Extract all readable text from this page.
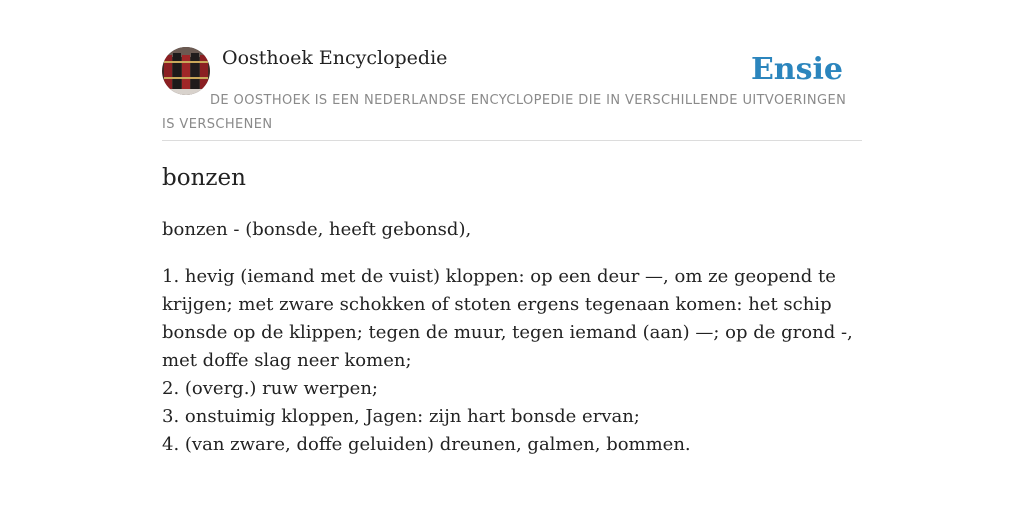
Oosthoek Encyclopedie	Ensie
DE OOSTHOEK IS EEN NEDERLANDSE ENCYCLOPEDIE DIE IN VERSCHILLENDE UITVOERINGEN IS VERSCHENEN
bonzen

bonzen - (bonsde, heeft gebonsd),

1. hevig (iemand met de vuist) kloppen: op een deur —, om ze geopend te krijgen; met zware schokken of stoten ergens tegenaan komen: het schip bonsde op de klippen; tegen de muur, tegen iemand (aan) —; op de grond -, met doffe slag neer komen;
2. (overg.) ruw werpen;
3. onstuimig kloppen, Jagen: zijn hart bonsde ervan;
4. (van zware, doffe geluiden) dreunen, galmen, bommen.
